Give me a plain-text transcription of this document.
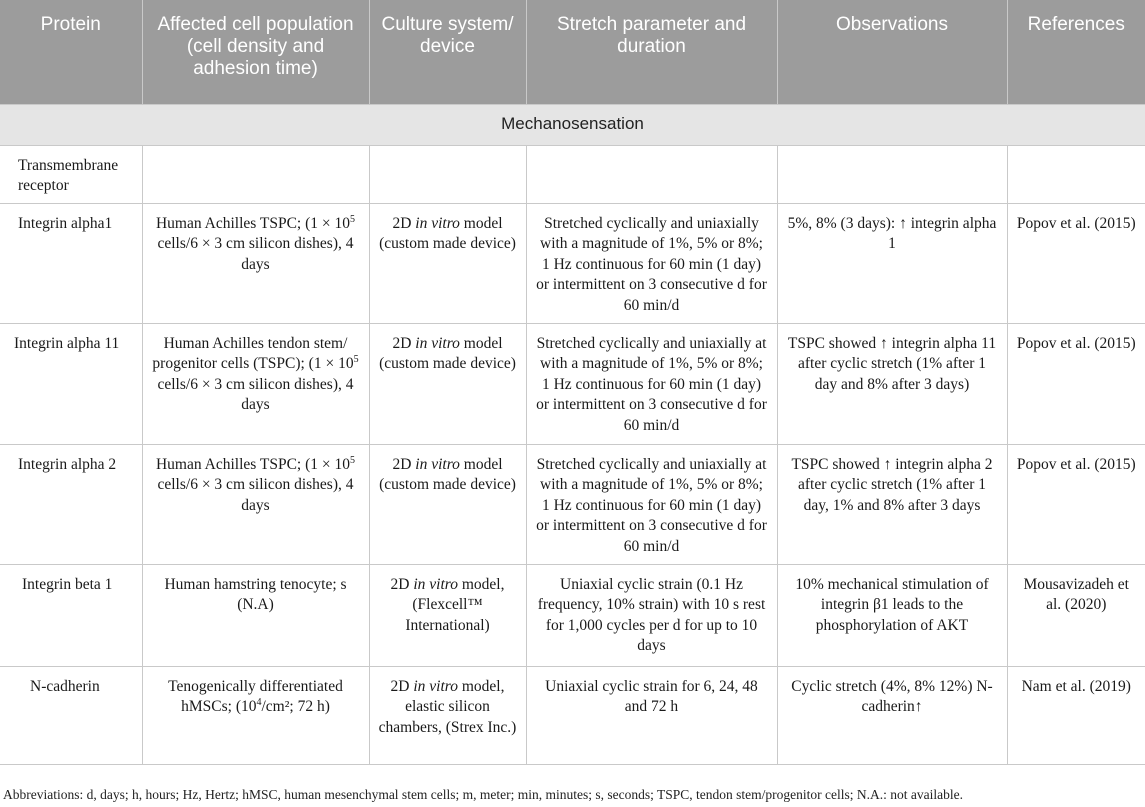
Protein	Affected cell population (cell density and adhesion time)	Culture system/ device	Stretch parameter and duration	Observations	References

Mechanosensation					
Transmembrane receptor					
Integrin alpha1	Human Achilles TSPC; ($1 \times 10^5$ cells/6 × 3 cm silicon dishes), 4 days	2D in vitro model (custom made device)	Stretched cyclically and uniaxially with a magnitude of 1%, 5% or 8%; 1 Hz continuous for 60 min (1 day) or intermittent on 3 consecutive d for 60 min/d	5%, 8% (3 days): ↑ integrin alpha 1	Popov et al. (2015)
Integrin alpha 11	Human Achilles tendon stem/ progenitor cells (TSPC); ($1 \times 10^5$ cells/6 × 3 cm silicon dishes), 4 days	2D in vitro model (custom made device)	Stretched cyclically and uniaxially at with a magnitude of 1%, 5% or 8%; 1 Hz continuous for 60 min (1 day) or intermittent on 3 consecutive d for 60 min/d	TSPC showed ↑ integrin alpha 11 after cyclic stretch (1% after 1 day and 8% after 3 days)	Popov et al. (2015)
Integrin alpha 2	Human Achilles TSPC; ($1 \times 10^5$ cells/6 × 3 cm silicon dishes), 4 days	2D in vitro model (custom made device)	Stretched cyclically and uniaxially at with a magnitude of 1%, 5% or 8%; 1 Hz continuous for 60 min (1 day) or intermittent on 3 consecutive d for 60 min/d	TSPC showed ↑ integrin alpha 2 after cyclic stretch (1% after 1 day, 1% and 8% after 3 days	Popov et al. (2015)
Integrin beta 1	Human hamstring tenocyte; s (N.A)	2D in vitro model, (Flexcell™ International)	Uniaxial cyclic strain (0.1 Hz frequency, 10% strain) with 10 s rest for 1,000 cycles per d for up to 10 days	10% mechanical stimulation of integrin β1 leads to the phosphorylation of AKT	Mousavizadeh et al. (2020)
N-cadherin	Tenogenically differentiated hMSCs; ($10^4$/cm²; 72 h)	2D in vitro model, elastic silicon chambers, (Strex Inc.)	Uniaxial cyclic strain for 6, 24, 48 and 72 h	Cyclic stretch (4%, 8% 12%) N-cadherin↑	Nam et al. (2019)
Abbreviations: d, days; h, hours; Hz, Hertz; hMSC, human mesenchymal stem cells; m, meter; min, minutes; s, seconds; TSPC, tendon stem/progenitor cells; N.A.: not available.
